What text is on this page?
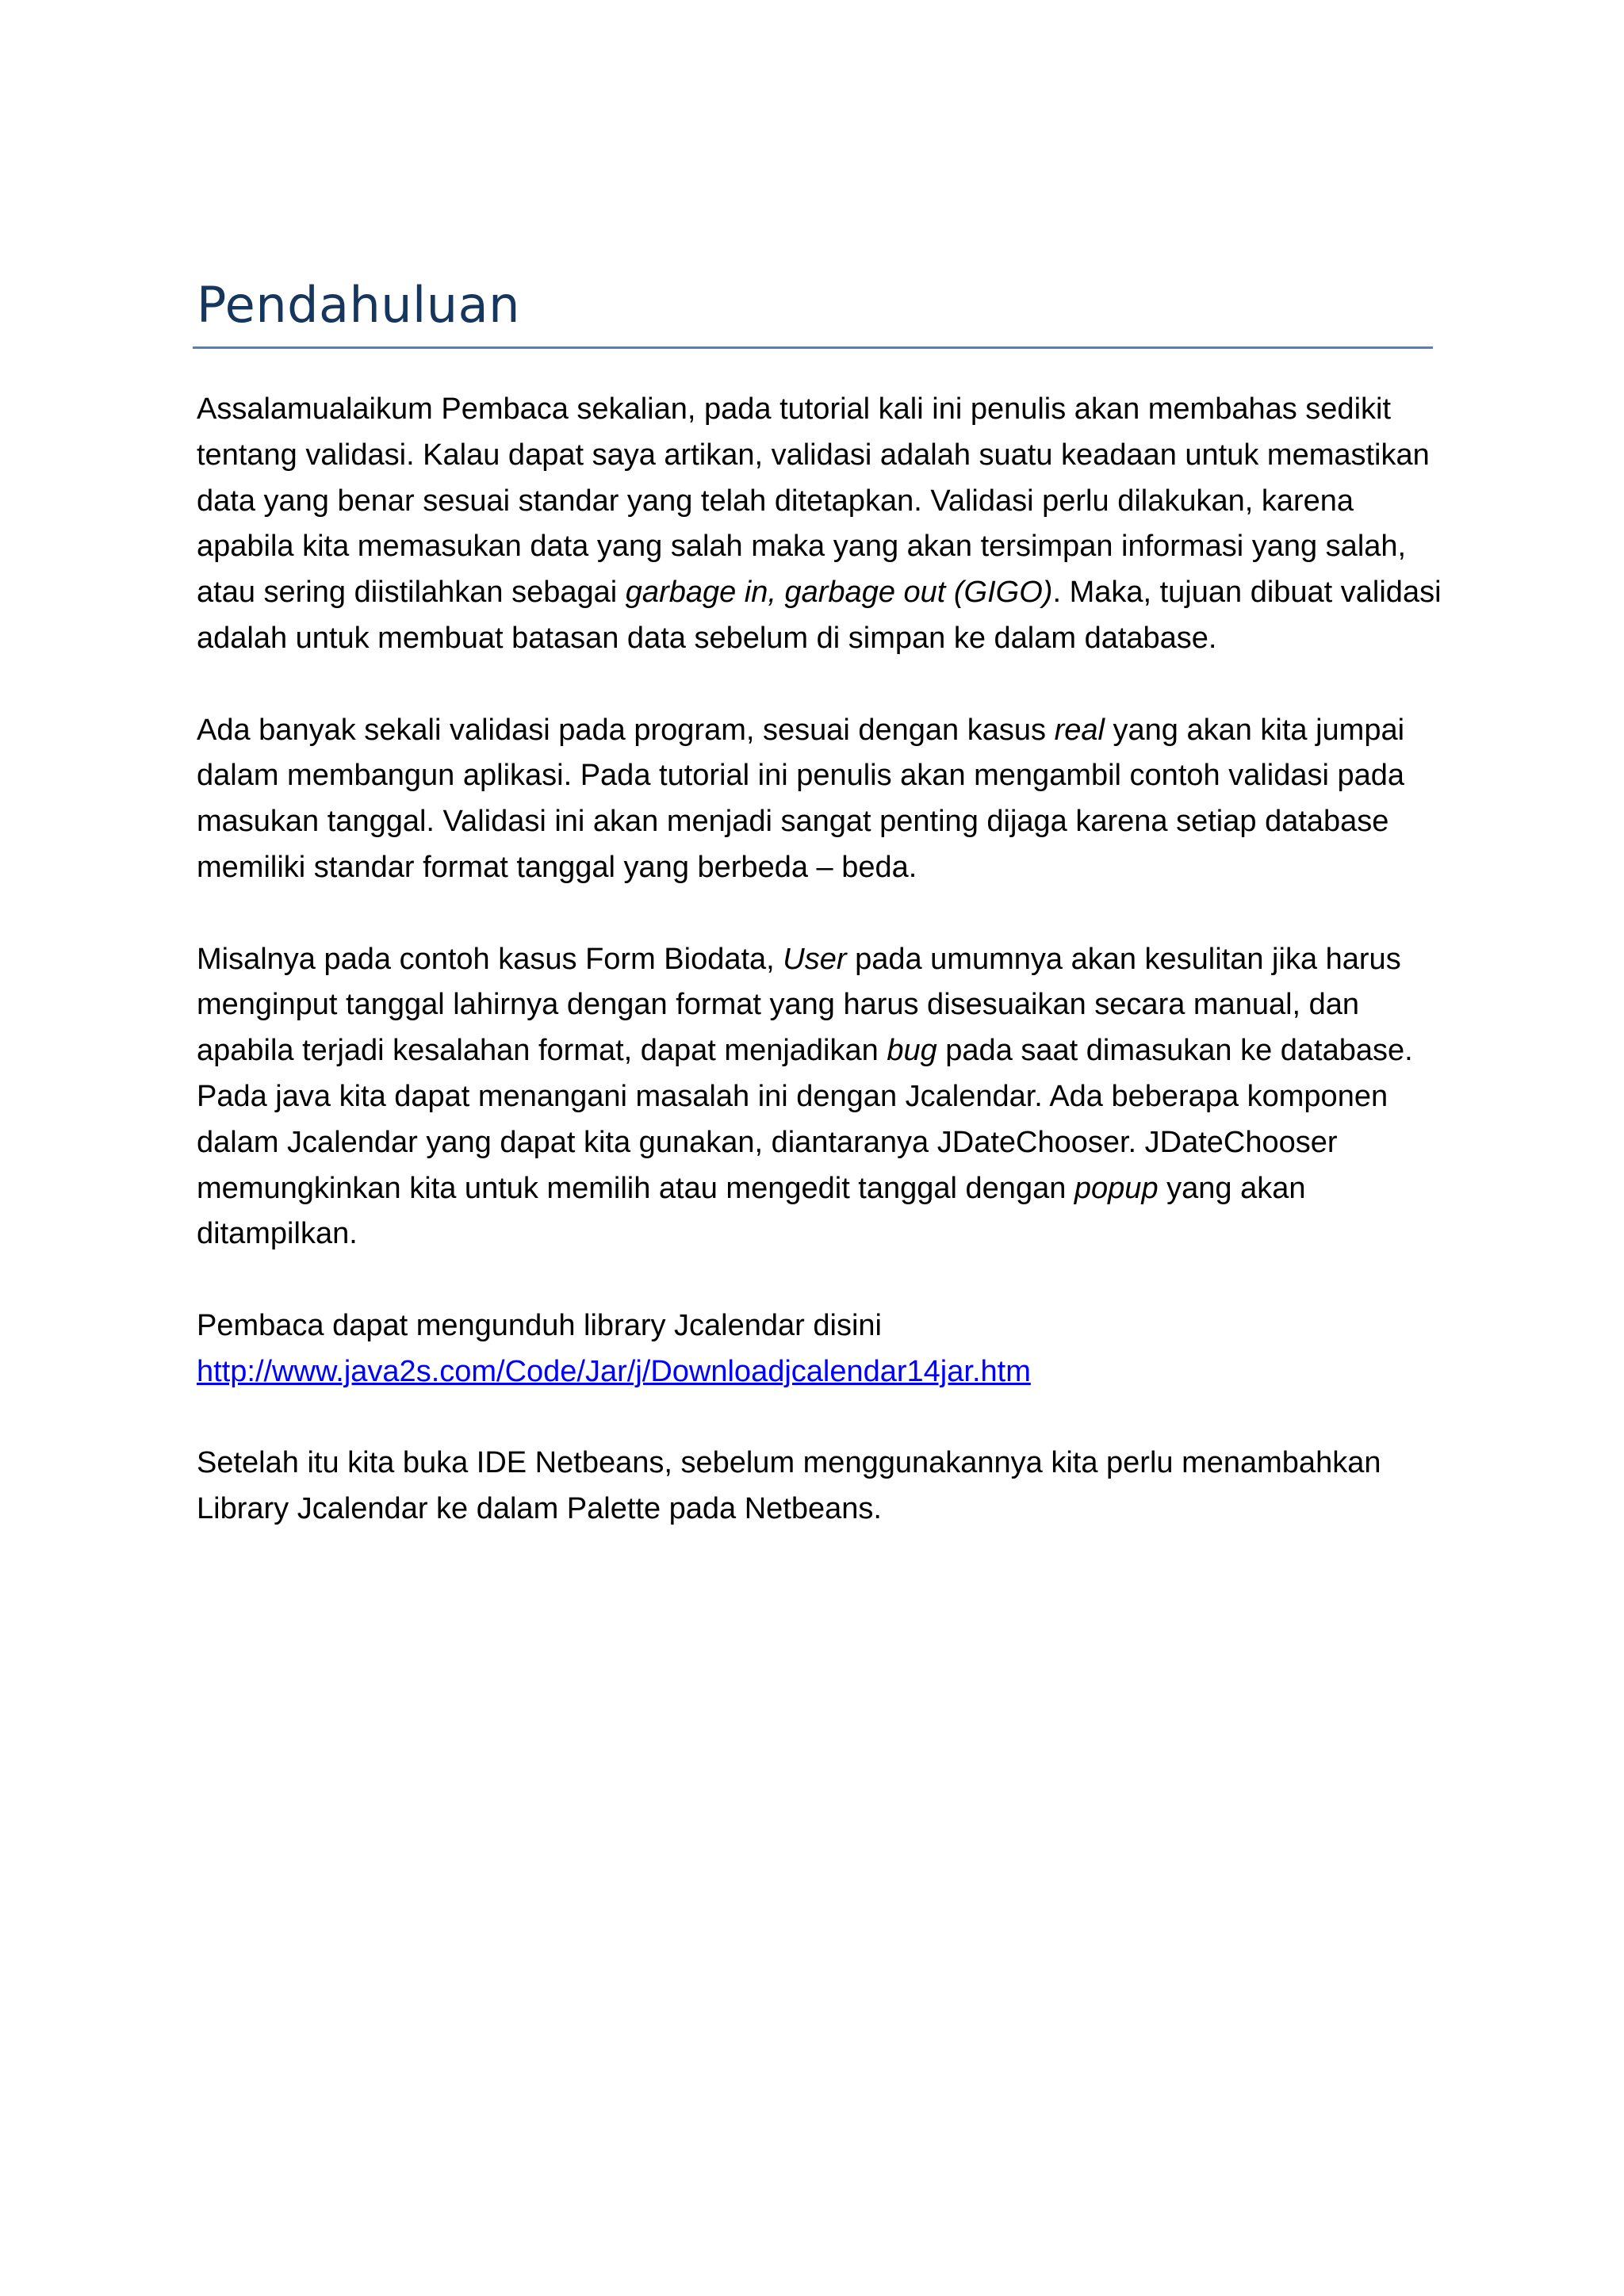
Pendahuluan

Assalamualaikum Pembaca sekalian, pada tutorial kali ini penulis akan membahas sedikit tentang validasi. Kalau dapat saya artikan, validasi adalah suatu keadaan untuk memastikan data yang benar sesuai standar yang telah ditetapkan. Validasi perlu dilakukan, karena apabila kita memasukan data yang salah maka yang akan tersimpan informasi yang salah, atau sering diistilahkan sebagai garbage in, garbage out (GIGO). Maka, tujuan dibuat validasi adalah untuk membuat batasan data sebelum di simpan ke dalam database.

Ada banyak sekali validasi pada program, sesuai dengan kasus real yang akan kita jumpai dalam membangun aplikasi. Pada tutorial ini penulis akan mengambil contoh validasi pada masukan tanggal. Validasi ini akan menjadi sangat penting dijaga karena setiap database memiliki standar format tanggal yang berbeda – beda.

Misalnya pada contoh kasus Form Biodata, User pada umumnya akan kesulitan jika harus menginput tanggal lahirnya dengan format yang harus disesuaikan secara manual, dan apabila terjadi kesalahan format, dapat menjadikan bug pada saat dimasukan ke database. Pada java kita dapat menangani masalah ini dengan Jcalendar. Ada beberapa komponen dalam Jcalendar yang dapat kita gunakan, diantaranya JDateChooser. JDateChooser memungkinkan kita untuk memilih atau mengedit tanggal dengan popup yang akan ditampilkan.

Pembaca dapat mengunduh library Jcalendar disini
http://www.java2s.com/Code/Jar/j/Downloadjcalendar14jar.htm

Setelah itu kita buka IDE Netbeans, sebelum menggunakannya kita perlu menambahkan Library Jcalendar ke dalam Palette pada Netbeans.
